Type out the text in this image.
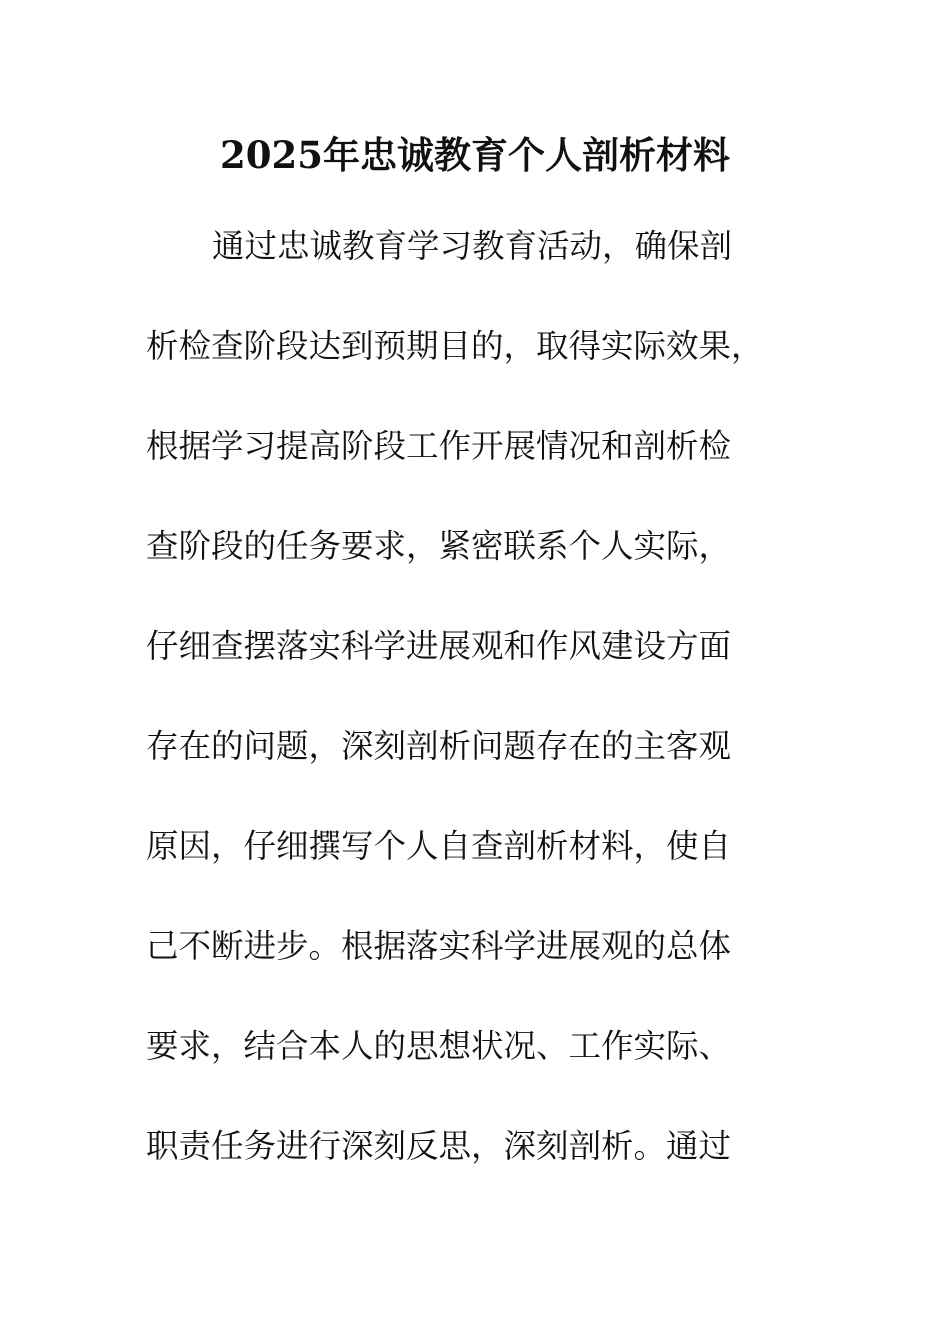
2025年忠诚教育个人剖析材料
通过忠诚教育学习教育活动，确保剖
析检查阶段达到预期目的，取得实际效果，
根据学习提高阶段工作开展情况和剖析检
查阶段的任务要求，紧密联系个人实际，
仔细查摆落实科学进展观和作风建设方面
存在的问题，深刻剖析问题存在的主客观
原因，仔细撰写个人自查剖析材料，使自
己不断进步。根据落实科学进展观的总体
要求，结合本人的思想状况、工作实际、
职责任务进行深刻反思，深刻剖析。通过
